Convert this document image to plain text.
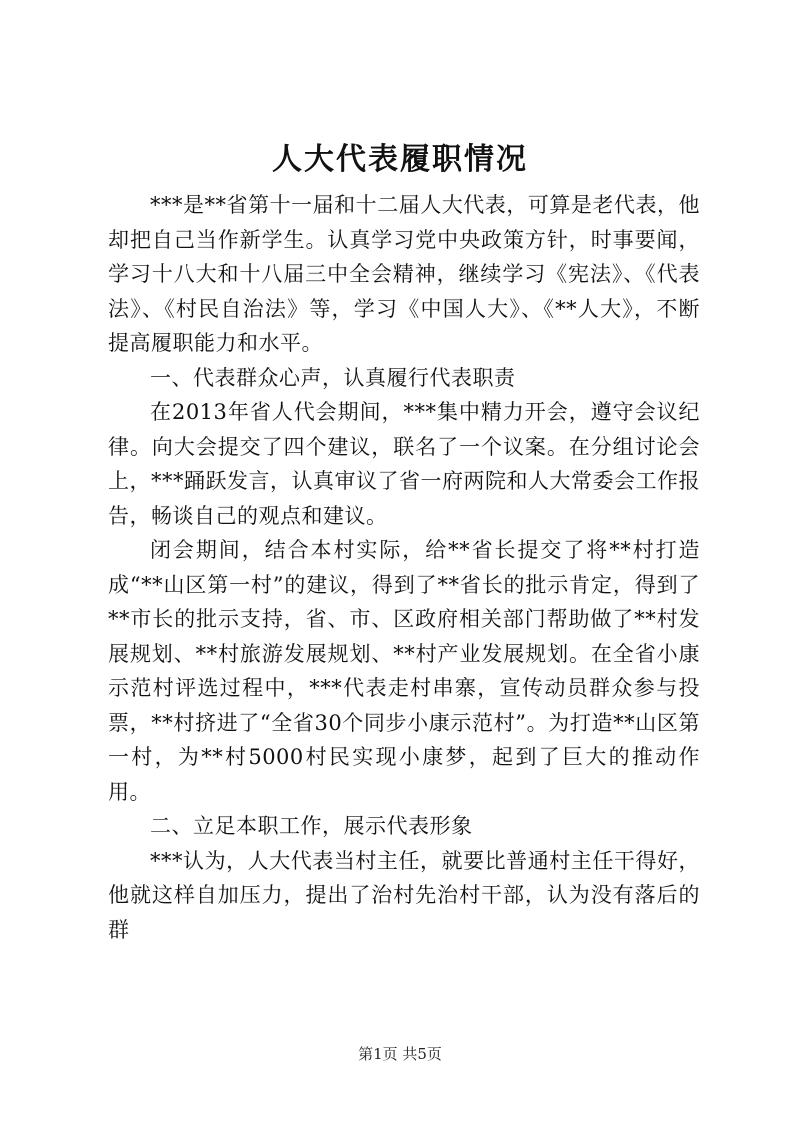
人大代表履职情况

***是**省第十一届和十二届人大代表，可算是老代表，他却把自己当作新学生。认真学习党中央政策方针，时事要闻，学习十八大和十八届三中全会精神，继续学习《宪法》、《代表法》、《村民自治法》等，学习《中国人大》、《**人大》，不断提高履职能力和水平。

一、代表群众心声，认真履行代表职责

在2013年省人代会期间，***集中精力开会，遵守会议纪律。向大会提交了四个建议，联名了一个议案。在分组讨论会上，***踊跃发言，认真审议了省一府两院和人大常委会工作报告，畅谈自己的观点和建议。

闭会期间，结合本村实际，给**省长提交了将**村打造成“**山区第一村”的建议，得到了**省长的批示肯定，得到了**市长的批示支持，省、市、区政府相关部门帮助做了**村发展规划、**村旅游发展规划、**村产业发展规划。在全省小康示范村评选过程中，***代表走村串寨，宣传动员群众参与投票，**村挤进了“全省30个同步小康示范村”。为打造**山区第一村，为**村5000村民实现小康梦，起到了巨大的推动作用。

二、立足本职工作，展示代表形象

***认为，人大代表当村主任，就要比普通村主任干得好，他就这样自加压力，提出了治村先治村干部，认为没有落后的群

第1页 共5页
